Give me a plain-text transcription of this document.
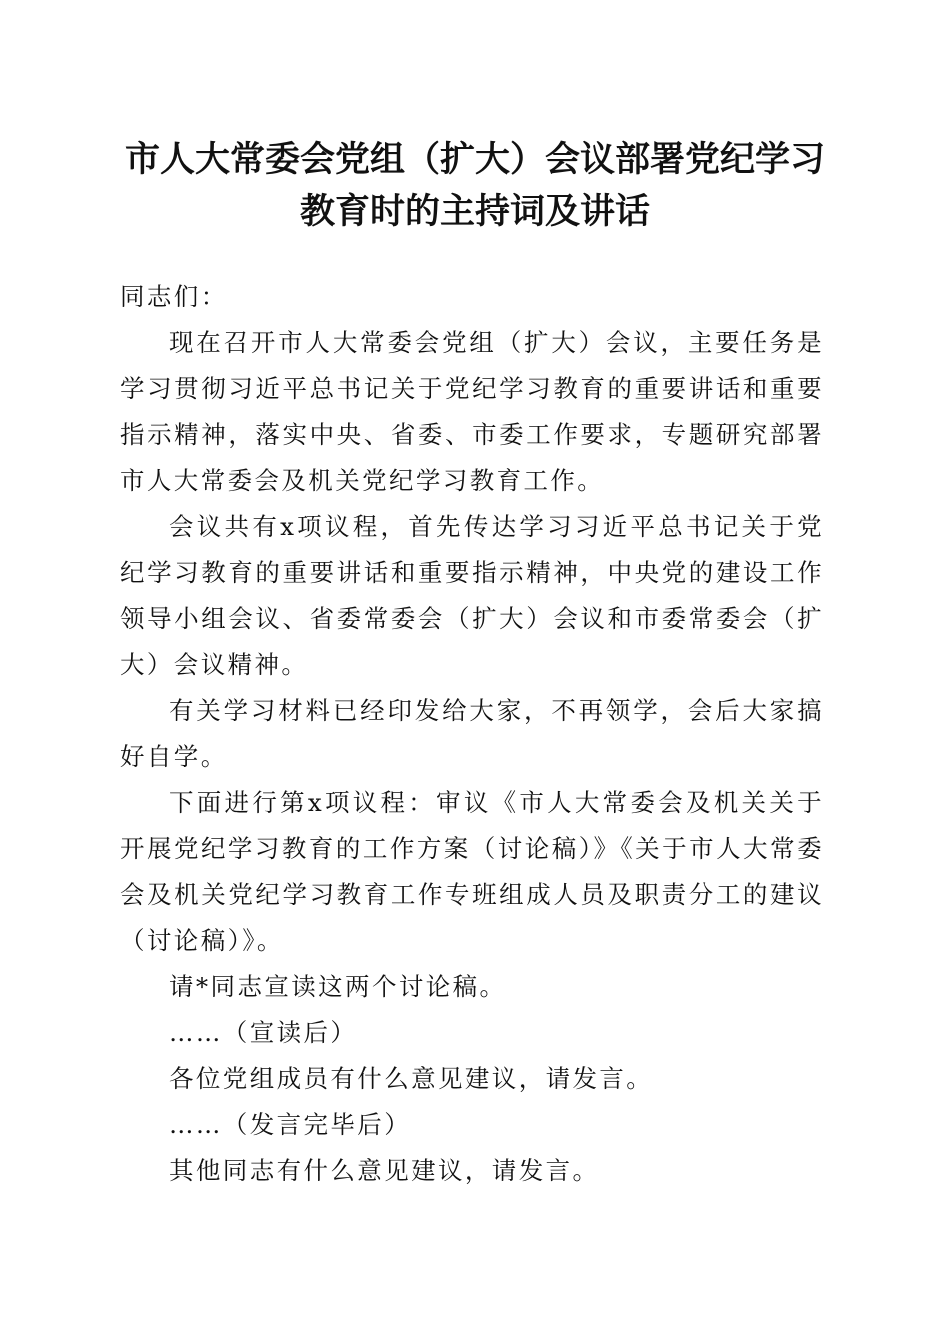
市人大常委会党组（扩大）会议部署党纪学习
教育时的主持词及讲话

同志们：

现在召开市人大常委会党组（扩大）会议，主要任务是学习贯彻习近平总书记关于党纪学习教育的重要讲话和重要指示精神，落实中央、省委、市委工作要求，专题研究部署市人大常委会及机关党纪学习教育工作。

会议共有x项议程，首先传达学习习近平总书记关于党纪学习教育的重要讲话和重要指示精神，中央党的建设工作领导小组会议、省委常委会（扩大）会议和市委常委会（扩大）会议精神。

有关学习材料已经印发给大家，不再领学，会后大家搞好自学。

下面进行第x项议程：审议《市人大常委会及机关关于开展党纪学习教育的工作方案（讨论稿）》《关于市人大常委会及机关党纪学习教育工作专班组成人员及职责分工的建议（讨论稿）》。

请*同志宣读这两个讨论稿。

……（宣读后）

各位党组成员有什么意见建议，请发言。

……（发言完毕后）

其他同志有什么意见建议，请发言。
